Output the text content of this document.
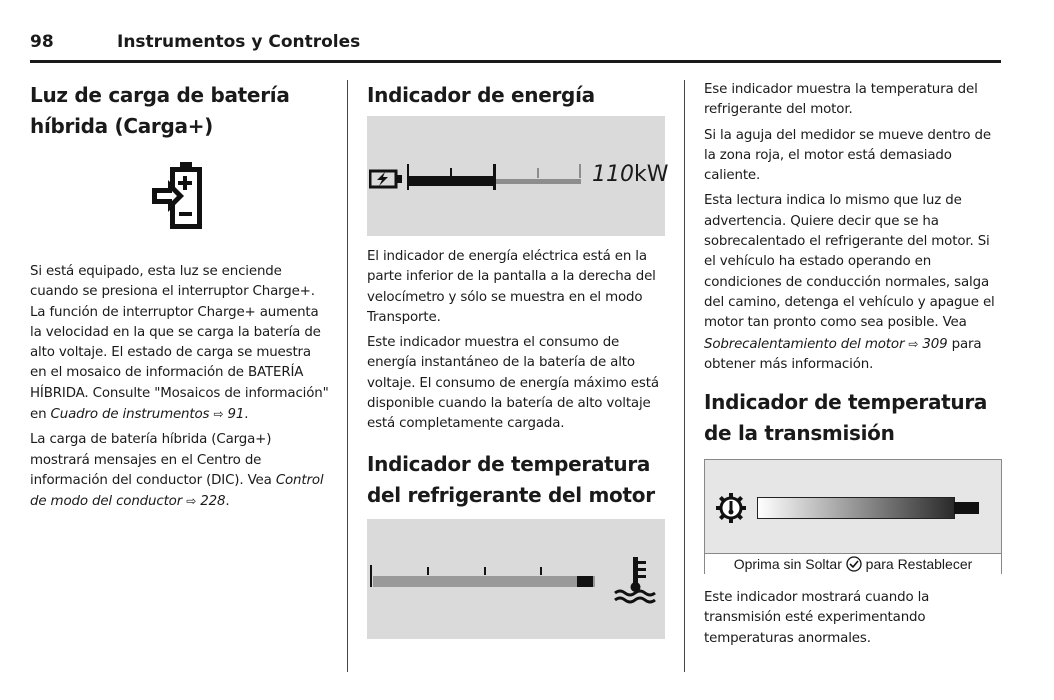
98	Instrumentos y Controles
Luz de carga de batería híbrida (Carga+)

Si está equipado, esta luz se enciende cuando se presiona el interruptor Charge+. La función de interruptor Charge+ aumenta la velocidad en la que se carga la batería de alto voltaje. El estado de carga se muestra en el mosaico de información de BATERÍA HÍBRIDA. Consulte "Mosaicos de información" en Cuadro de instrumentos ⇨ 91.

La carga de batería híbrida (Carga+) mostrará mensajes en el Centro de información del conductor (DIC). Vea Control de modo del conductor ⇨ 228.

Indicador de energía
110kW

El indicador de energía eléctrica está en la parte inferior de la pantalla a la derecha del velocímetro y sólo se muestra en el modo Transporte.

Este indicador muestra el consumo de energía instantáneo de la batería de alto voltaje. El consumo de energía máximo está disponible cuando la batería de alto voltaje está completamente cargada.

Indicador de temperatura del refrigerante del motor

Ese indicador muestra la temperatura del refrigerante del motor.

Si la aguja del medidor se mueve dentro de la zona roja, el motor está demasiado caliente.

Esta lectura indica lo mismo que luz de advertencia. Quiere decir que se ha sobrecalentado el refrigerante del motor. Si el vehículo ha estado operando en condiciones de conducción normales, salga del camino, detenga el vehículo y apague el motor tan pronto como sea posible. Vea Sobrecalentamiento del motor ⇨ 309 para obtener más información.

Indicador de temperatura de la transmisión
Oprima sin Soltar para Restablecer

Este indicador mostrará cuando la transmisión esté experimentando temperaturas anormales.
